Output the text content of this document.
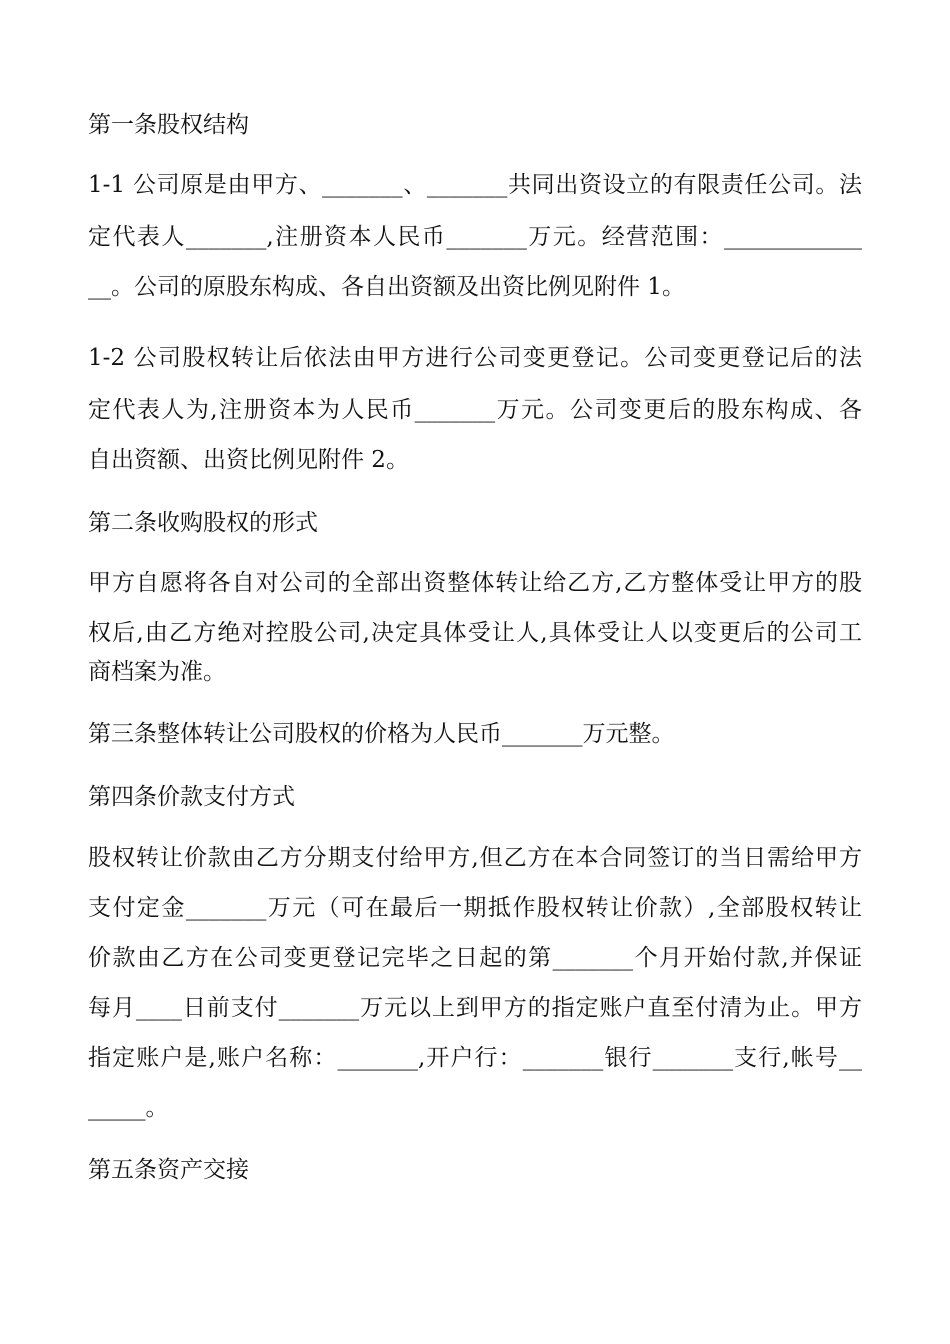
第一条股权结构
1-1 公司原是由甲方、_______、_______共同出资设立的有限责任公司。法
定代表人_______,注册资本人民币_______万元。经营范围：____________
__。公司的原股东构成、各自出资额及出资比例见附件 1。
1-2 公司股权转让后依法由甲方进行公司变更登记。公司变更登记后的法
定代表人为,注册资本为人民币_______万元。公司变更后的股东构成、各
自出资额、出资比例见附件 2。
第二条收购股权的形式
甲方自愿将各自对公司的全部出资整体转让给乙方,乙方整体受让甲方的股
权后,由乙方绝对控股公司,决定具体受让人,具体受让人以变更后的公司工
商档案为准。
第三条整体转让公司股权的价格为人民币_______万元整。
第四条价款支付方式
股权转让价款由乙方分期支付给甲方,但乙方在本合同签订的当日需给甲方
支付定金_______万元（可在最后一期抵作股权转让价款）,全部股权转让
价款由乙方在公司变更登记完毕之日起的第_______个月开始付款,并保证
每月____日前支付_______万元以上到甲方的指定账户直至付清为止。甲方
指定账户是,账户名称：_______,开户行：_______银行_______支行,帐号__
_____。
第五条资产交接
